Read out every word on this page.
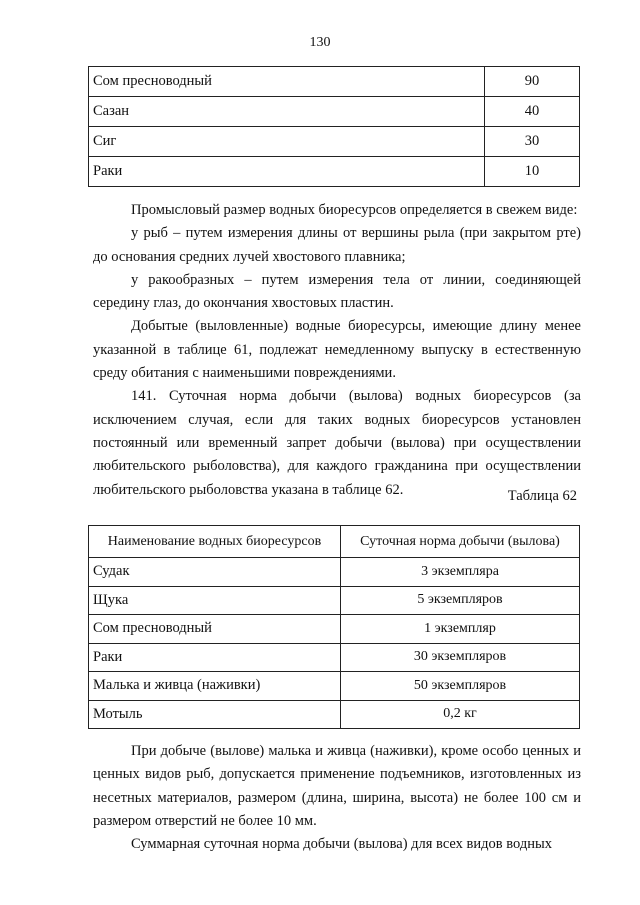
130
Сом пресноводный	90
Сазан	40
Сиг	30
Раки	10

Промысловый размер водных биоресурсов определяется в свежем виде:

у рыб – путем измерения длины от вершины рыла (при закрытом рте) до основания средних лучей хвостового плавника;

у ракообразных – путем измерения тела от линии, соединяющей середину глаз, до окончания хвостовых пластин.

Добытые (выловленные) водные биоресурсы, имеющие длину менее указанной в таблице 61, подлежат немедленному выпуску в естественную среду обитания с наименьшими повреждениями.

141. Суточная норма добычи (вылова) водных биоресурсов (за исключением случая, если для таких водных биоресурсов установлен постоянный или временный запрет добычи (вылова) при осуществлении любительского рыболовства), для каждого гражданина при осуществлении любительского рыболовства указана в таблице 62.	Таблица 62
Наименование водных биоресурсов	Суточная норма добычи (вылова)
Судак	3 экземпляра
Щука	5 экземпляров
Сом пресноводный	1 экземпляр
Раки	30 экземпляров
Малька и живца (наживки)	50 экземпляров
Мотыль	0,2 кг

При добыче (вылове) малька и живца (наживки), кроме особо ценных и ценных видов рыб, допускается применение подъемников, изготовленных из несетных материалов, размером (длина, ширина, высота) не более 100 см и размером отверстий не более 10 мм.

Суммарная суточная норма добычи (вылова) для всех видов водных
